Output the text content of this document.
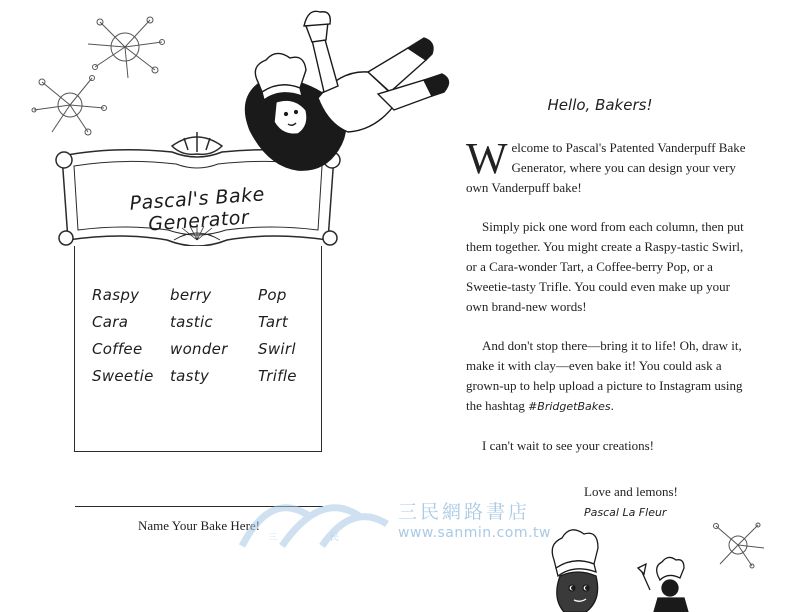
Pascal's Bake Generator
Raspy	berry	Pop
Cara	tastic	Tart
Coffee	wonder	Swirl
Sweetie	tasty	Trifle
Name Your Bake Here!
Hello, Bakers!

Welcome to Pascal's Patented Vanderpuff Bake Generator, where you can design your very own Vanderpuff bake!

Simply pick one word from each column, then put them together. You might create a Raspy-tastic Swirl, or a Cara-wonder Tart, a Coffee-berry Pop, or a Sweetie-tasty Trifle. You could even make up your own brand-new words!

And don't stop there—bring it to life! Oh, draw it, make it with clay—even bake it! You could ask a grown-up to help upload a picture to Instagram using the hashtag #BridgetBakes.

I can't wait to see your creations!

Love and lemons!
Pascal La Fleur
三	民
三民網路書店
www.sanmin.com.tw
